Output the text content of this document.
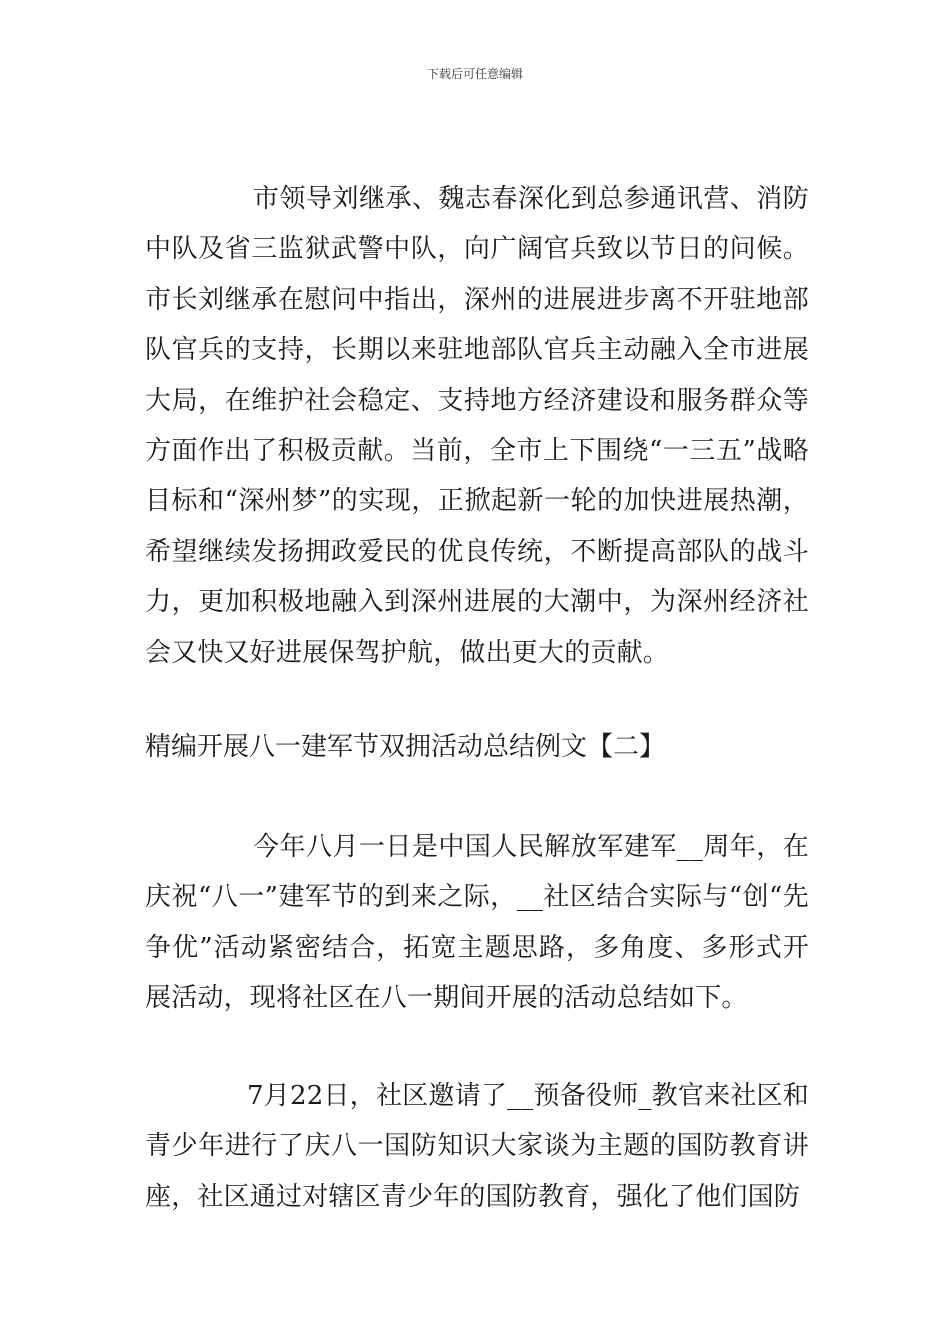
下载后可任意编辑

市领导刘继承、魏志春深化到总参通讯营、消防中队及省三监狱武警中队，向广阔官兵致以节日的问候。市长刘继承在慰问中指出，深州的进展进步离不开驻地部队官兵的支持，长期以来驻地部队官兵主动融入全市进展大局，在维护社会稳定、支持地方经济建设和服务群众等方面作出了积极贡献。当前，全市上下围绕“一三五”战略目标和“深州梦”的实现，正掀起新一轮的加快进展热潮，希望继续发扬拥政爱民的优良传统，不断提高部队的战斗力，更加积极地融入到深州进展的大潮中，为深州经济社会又快又好进展保驾护航，做出更大的贡献。

精编开展八一建军节双拥活动总结例文【二】

今年八月一日是中国人民解放军建军__周年，在庆祝“八一”建军节的到来之际，__社区结合实际与“创“先争优”活动紧密结合，拓宽主题思路，多角度、多形式开展活动，现将社区在八一期间开展的活动总结如下。

7月22日，社区邀请了__预备役师_教官来社区和青少年进行了庆八一国防知识大家谈为主题的国防教育讲座，社区通过对辖区青少年的国防教育，强化了他们国防
